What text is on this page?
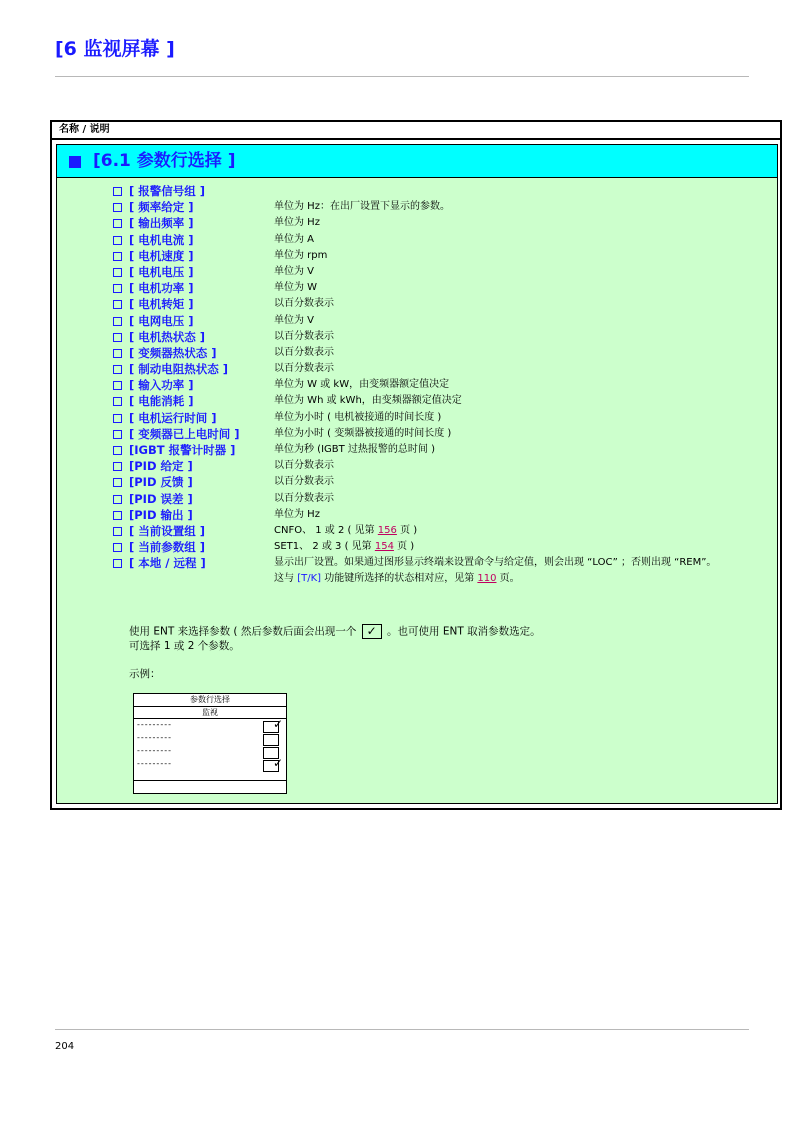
[6 监视屏幕 ]
名称 / 说明
[6.1 参数行选择 ]
[ 报警信号组 ]
[ 频率给定 ]	单位为 Hz：在出厂设置下显示的参数。
[ 输出频率 ]	单位为 Hz
[ 电机电流 ]	单位为 A
[ 电机速度 ]	单位为 rpm
[ 电机电压 ]	单位为 V
[ 电机功率 ]	单位为 W
[ 电机转矩 ]	以百分数表示
[ 电网电压 ]	单位为 V
[ 电机热状态 ]	以百分数表示
[ 变频器热状态 ]	以百分数表示
[ 制动电阻热状态 ]	以百分数表示
[ 输入功率 ]	单位为 W 或 kW，由变频器额定值决定
[ 电能消耗 ]	单位为 Wh 或 kWh，由变频器额定值决定
[ 电机运行时间 ]	单位为小时 ( 电机被接通的时间长度 )
[ 变频器已上电时间 ]	单位为小时 ( 变频器被接通的时间长度 )
[IGBT 报警计时器 ]	单位为秒 (IGBT 过热报警的总时间 )
[PID 给定 ]	以百分数表示
[PID 反馈 ]	以百分数表示
[PID 误差 ]	以百分数表示
[PID 输出 ]	单位为 Hz
[ 当前设置组 ]	CNFO、 1 或 2 ( 见第 156 页 )
[ 当前参数组 ]	SET1、 2 或 3 ( 见第 154 页 )
[ 本地 / 远程 ]	显示出厂设置。如果通过图形显示终端来设置命令与给定值，则会出现 “LOC” ；否则出现 “REM”。
这与 [T/K] 功能键所选择的状态相对应，见第 110 页。
使用 ENT 来选择参数 ( 然后参数后面会出现一个 ✓ 。也可使用 ENT 取消参数选定。
可选择 1 或 2 个参数。
示例：
参数行选择
监视
---------	✓
---------
---------
---------	✓
204
